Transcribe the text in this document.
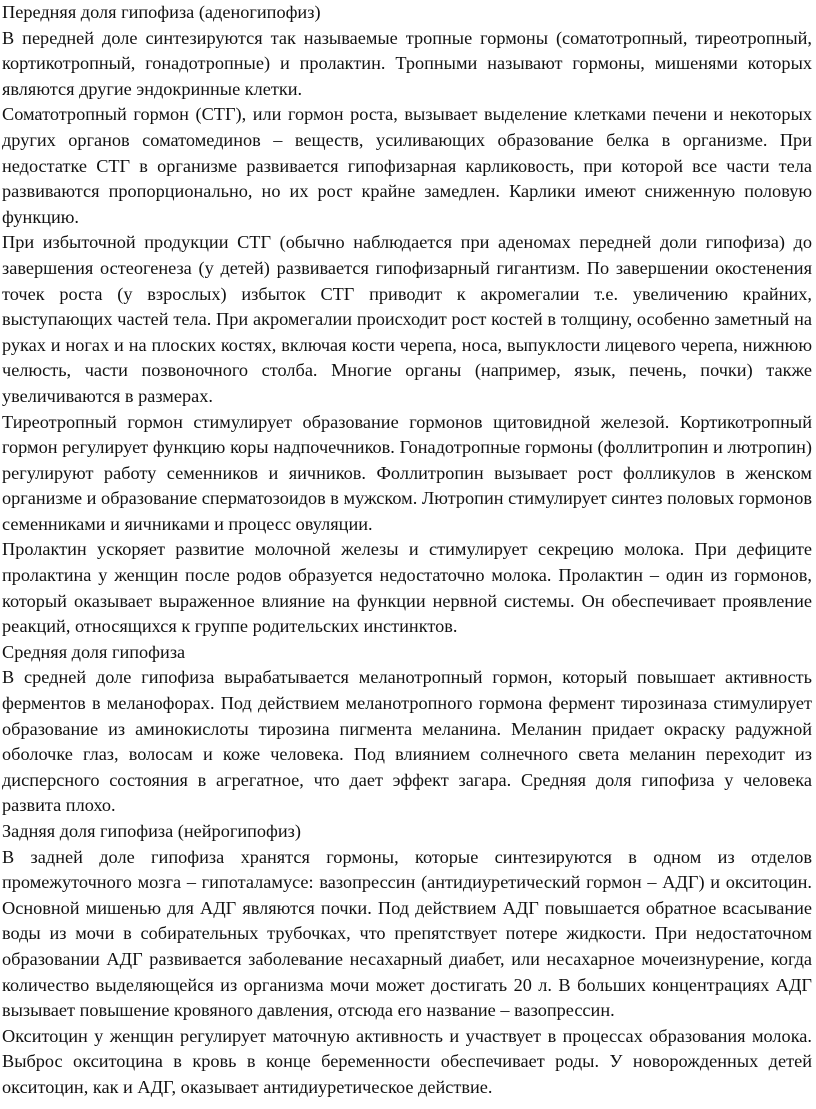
Передняя доля гипофиза (аденогипофиз)

В передней доле синтезируются так называемые тропные гормоны (соматотропный, тиреотропный, кортикотропный, гонадотропные) и пролактин. Тропными называют гормоны, мишенями которых являются другие эндокринные клетки.

Соматотропный гормон (СТГ), или гормон роста, вызывает выделение клетками печени и некоторых других органов соматомединов – веществ, усиливающих образование белка в организме. При недостатке СТГ в организме развивается гипофизарная карликовость, при которой все части тела развиваются пропорционально, но их рост крайне замедлен. Карлики имеют сниженную половую функцию.

При избыточной продукции СТГ (обычно наблюдается при аденомах передней доли гипофиза) до завершения остеогенеза (у детей) развивается гипофизарный гигантизм. По завершении окостенения точек роста (у взрослых) избыток СТГ приводит к акромегалии т.е. увеличению крайних, выступающих частей тела. При акромегалии происходит рост костей в толщину, особенно заметный на руках и ногах и на плоских костях, включая кости черепа, носа, выпуклости лицевого черепа, нижнюю челюсть, части позвоночного столба. Многие органы (например, язык, печень, почки) также увеличиваются в размерах.

Тиреотропный гормон стимулирует образование гормонов щитовидной железой. Кортикотропный гормон регулирует функцию коры надпочечников. Гонадотропные гормоны (фоллитропин и лютропин) регулируют работу семенников и яичников. Фоллитропин вызывает рост фолликулов в женском организме и образование сперматозоидов в мужском. Лютропин стимулирует синтез половых гормонов семенниками и яичниками и процесс овуляции.

Пролактин ускоряет развитие молочной железы и стимулирует секрецию молока. При дефиците пролактина у женщин после родов образуется недостаточно молока. Пролактин – один из гормонов, который оказывает выраженное влияние на функции нервной системы. Он обеспечивает проявление реакций, относящихся к группе родительских инстинктов.

Средняя доля гипофиза

В средней доле гипофиза вырабатывается меланотропный гормон, который повышает активность ферментов в меланофорах. Под действием меланотропного гормона фермент тирозиназа стимулирует образование из аминокислоты тирозина пигмента меланина. Меланин придает окраску радужной оболочке глаз, волосам и коже человека. Под влиянием солнечного света меланин переходит из дисперсного состояния в агрегатное, что дает эффект загара. Средняя доля гипофиза у человека развита плохо.

Задняя доля гипофиза (нейрогипофиз)

В задней доле гипофиза хранятся гормоны, которые синтезируются в одном из отделов промежуточного мозга – гипоталамусе: вазопрессин (антидиуретический гормон – АДГ) и окситоцин. Основной мишенью для АДГ являются почки. Под действием АДГ повышается обратное всасывание воды из мочи в собирательных трубочках, что препятствует потере жидкости. При недостаточном образовании АДГ развивается заболевание несахарный диабет, или несахарное мочеизнурение, когда количество выделяющейся из организма мочи может достигать 20 л. В больших концентрациях АДГ вызывает повышение кровяного давления, отсюда его название – вазопрессин.

Окситоцин у женщин регулирует маточную активность и участвует в процессах образования молока. Выброс окситоцина в кровь в конце беременности обеспечивает роды. У новорожденных детей окситоцин, как и АДГ, оказывает антидиуретическое действие.
